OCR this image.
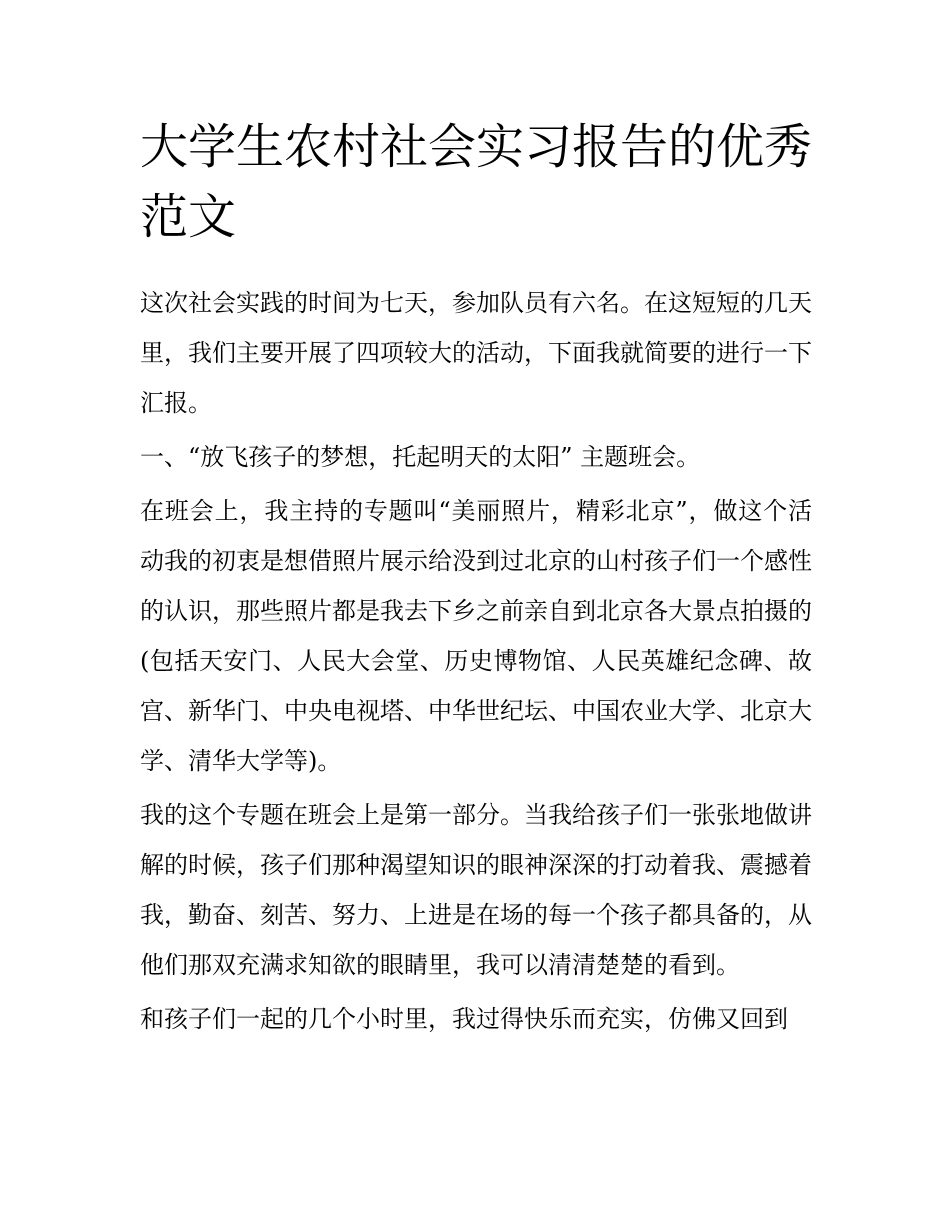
大学生农村社会实习报告的优秀范文

这次社会实践的时间为七天，参加队员有六名。在这短短的几天里，我们主要开展了四项较大的活动，下面我就简要的进行一下汇报。

一、“放飞孩子的梦想，托起明天的太阳” 主题班会。

在班会上，我主持的专题叫“美丽照片，精彩北京”，做这个活动我的初衷是想借照片展示给没到过北京的山村孩子们一个感性的认识，那些照片都是我去下乡之前亲自到北京各大景点拍摄的(包括天安门、人民大会堂、历史博物馆、人民英雄纪念碑、故宫、新华门、中央电视塔、中华世纪坛、中国农业大学、北京大学、清华大学等)。

我的这个专题在班会上是第一部分。当我给孩子们一张张地做讲解的时候，孩子们那种渴望知识的眼神深深的打动着我、震撼着我，勤奋、刻苦、努力、上进是在场的每一个孩子都具备的，从他们那双充满求知欲的眼睛里，我可以清清楚楚的看到。

和孩子们一起的几个小时里，我过得快乐而充实，仿佛又回到
